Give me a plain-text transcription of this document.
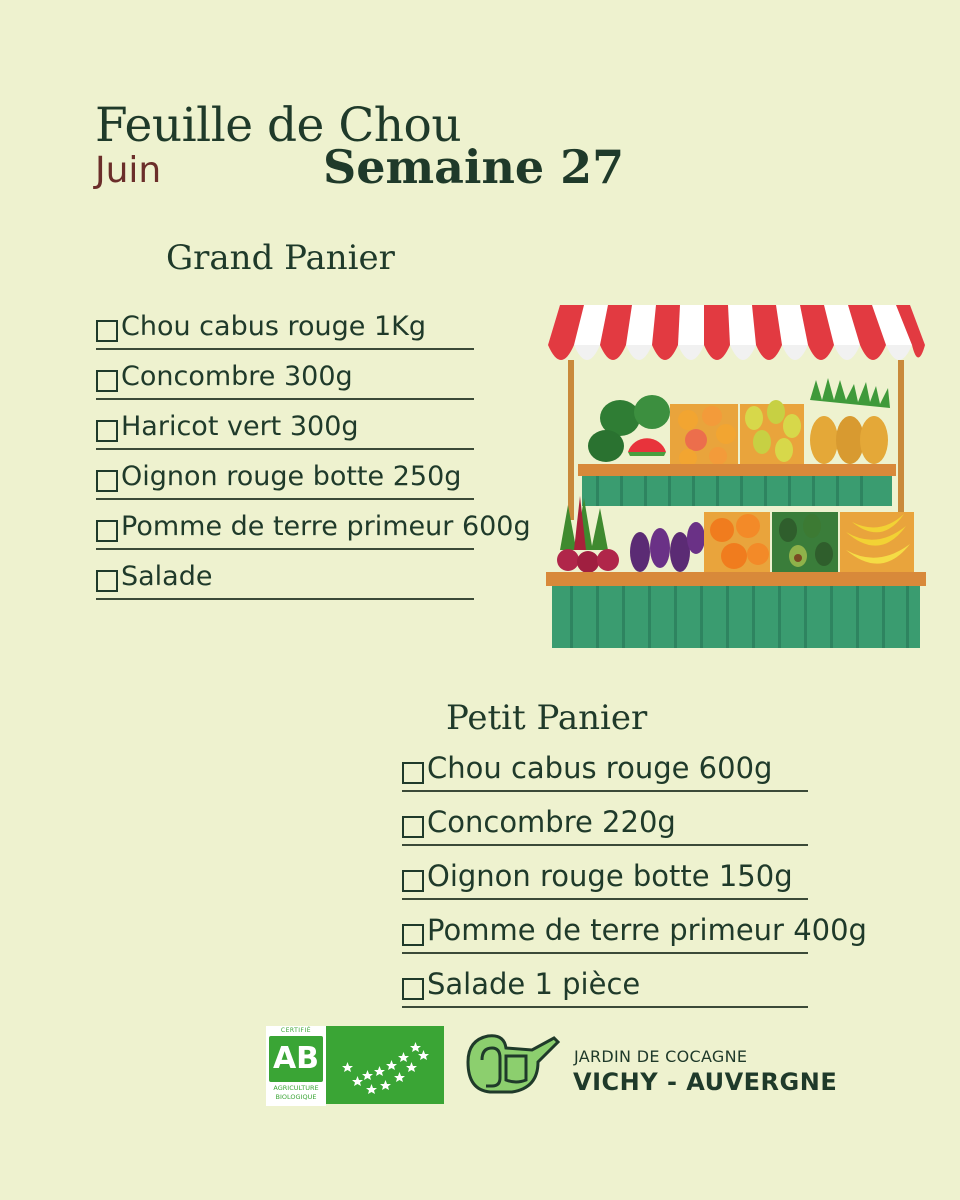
Feuille de Chou
Juin	Semaine 27
Grand Panier
Chou cabus rouge 1Kg
Concombre 300g
Haricot vert 300g
Oignon rouge botte 250g
Pomme de terre primeur 600g
Salade
Petit Panier
Chou cabus rouge 600g
Concombre 220g
Oignon rouge botte 150g
Pomme de terre primeur 400g
Salade 1 pièce
CERTIFIÉ
AB
AGRICULTURE
BIOLOGIQUE
JARDIN DE COCAGNE
VICHY - AUVERGNE
